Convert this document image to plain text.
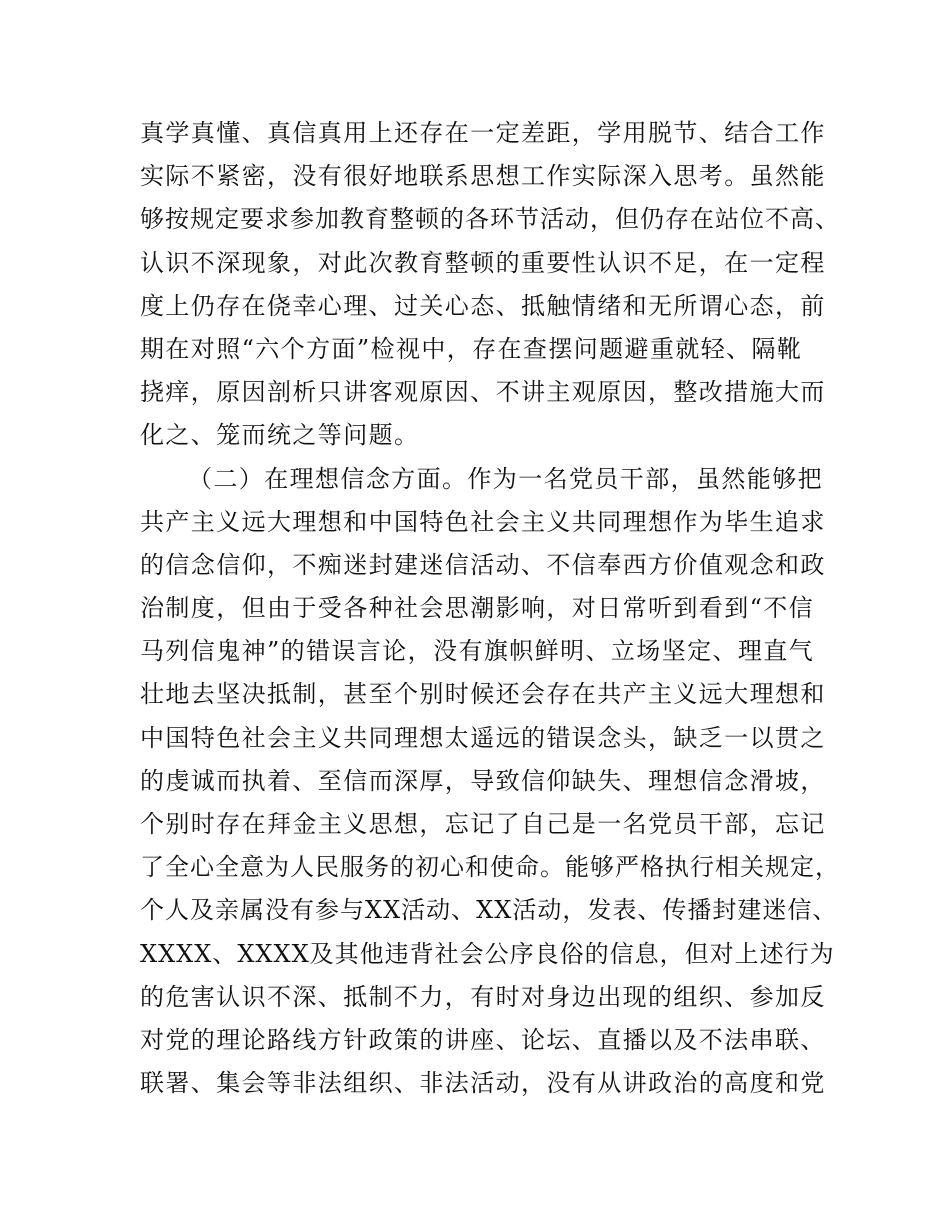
真学真懂、真信真用上还存在一定差距，学用脱节、结合工作
实际不紧密，没有很好地联系思想工作实际深入思考。虽然能
够按规定要求参加教育整顿的各环节活动，但仍存在站位不高、
认识不深现象，对此次教育整顿的重要性认识不足，在一定程
度上仍存在侥幸心理、过关心态、抵触情绪和无所谓心态，前
期在对照“六个方面”检视中，存在查摆问题避重就轻、隔靴
挠痒，原因剖析只讲客观原因、不讲主观原因，整改措施大而
化之、笼而统之等问题。
（二）在理想信念方面。作为一名党员干部，虽然能够把
共产主义远大理想和中国特色社会主义共同理想作为毕生追求
的信念信仰，不痴迷封建迷信活动、不信奉西方价值观念和政
治制度，但由于受各种社会思潮影响，对日常听到看到“不信
马列信鬼神”的错误言论，没有旗帜鲜明、立场坚定、理直气
壮地去坚决抵制，甚至个别时候还会存在共产主义远大理想和
中国特色社会主义共同理想太遥远的错误念头，缺乏一以贯之
的虔诚而执着、至信而深厚，导致信仰缺失、理想信念滑坡，
个别时存在拜金主义思想，忘记了自己是一名党员干部，忘记
了全心全意为人民服务的初心和使命。能够严格执行相关规定，
个人及亲属没有参与XX活动、XX活动，发表、传播封建迷信、
XXXX、XXXX及其他违背社会公序良俗的信息，但对上述行为
的危害认识不深、抵制不力，有时对身边出现的组织、参加反
对党的理论路线方针政策的讲座、论坛、直播以及不法串联、
联署、集会等非法组织、非法活动，没有从讲政治的高度和党
